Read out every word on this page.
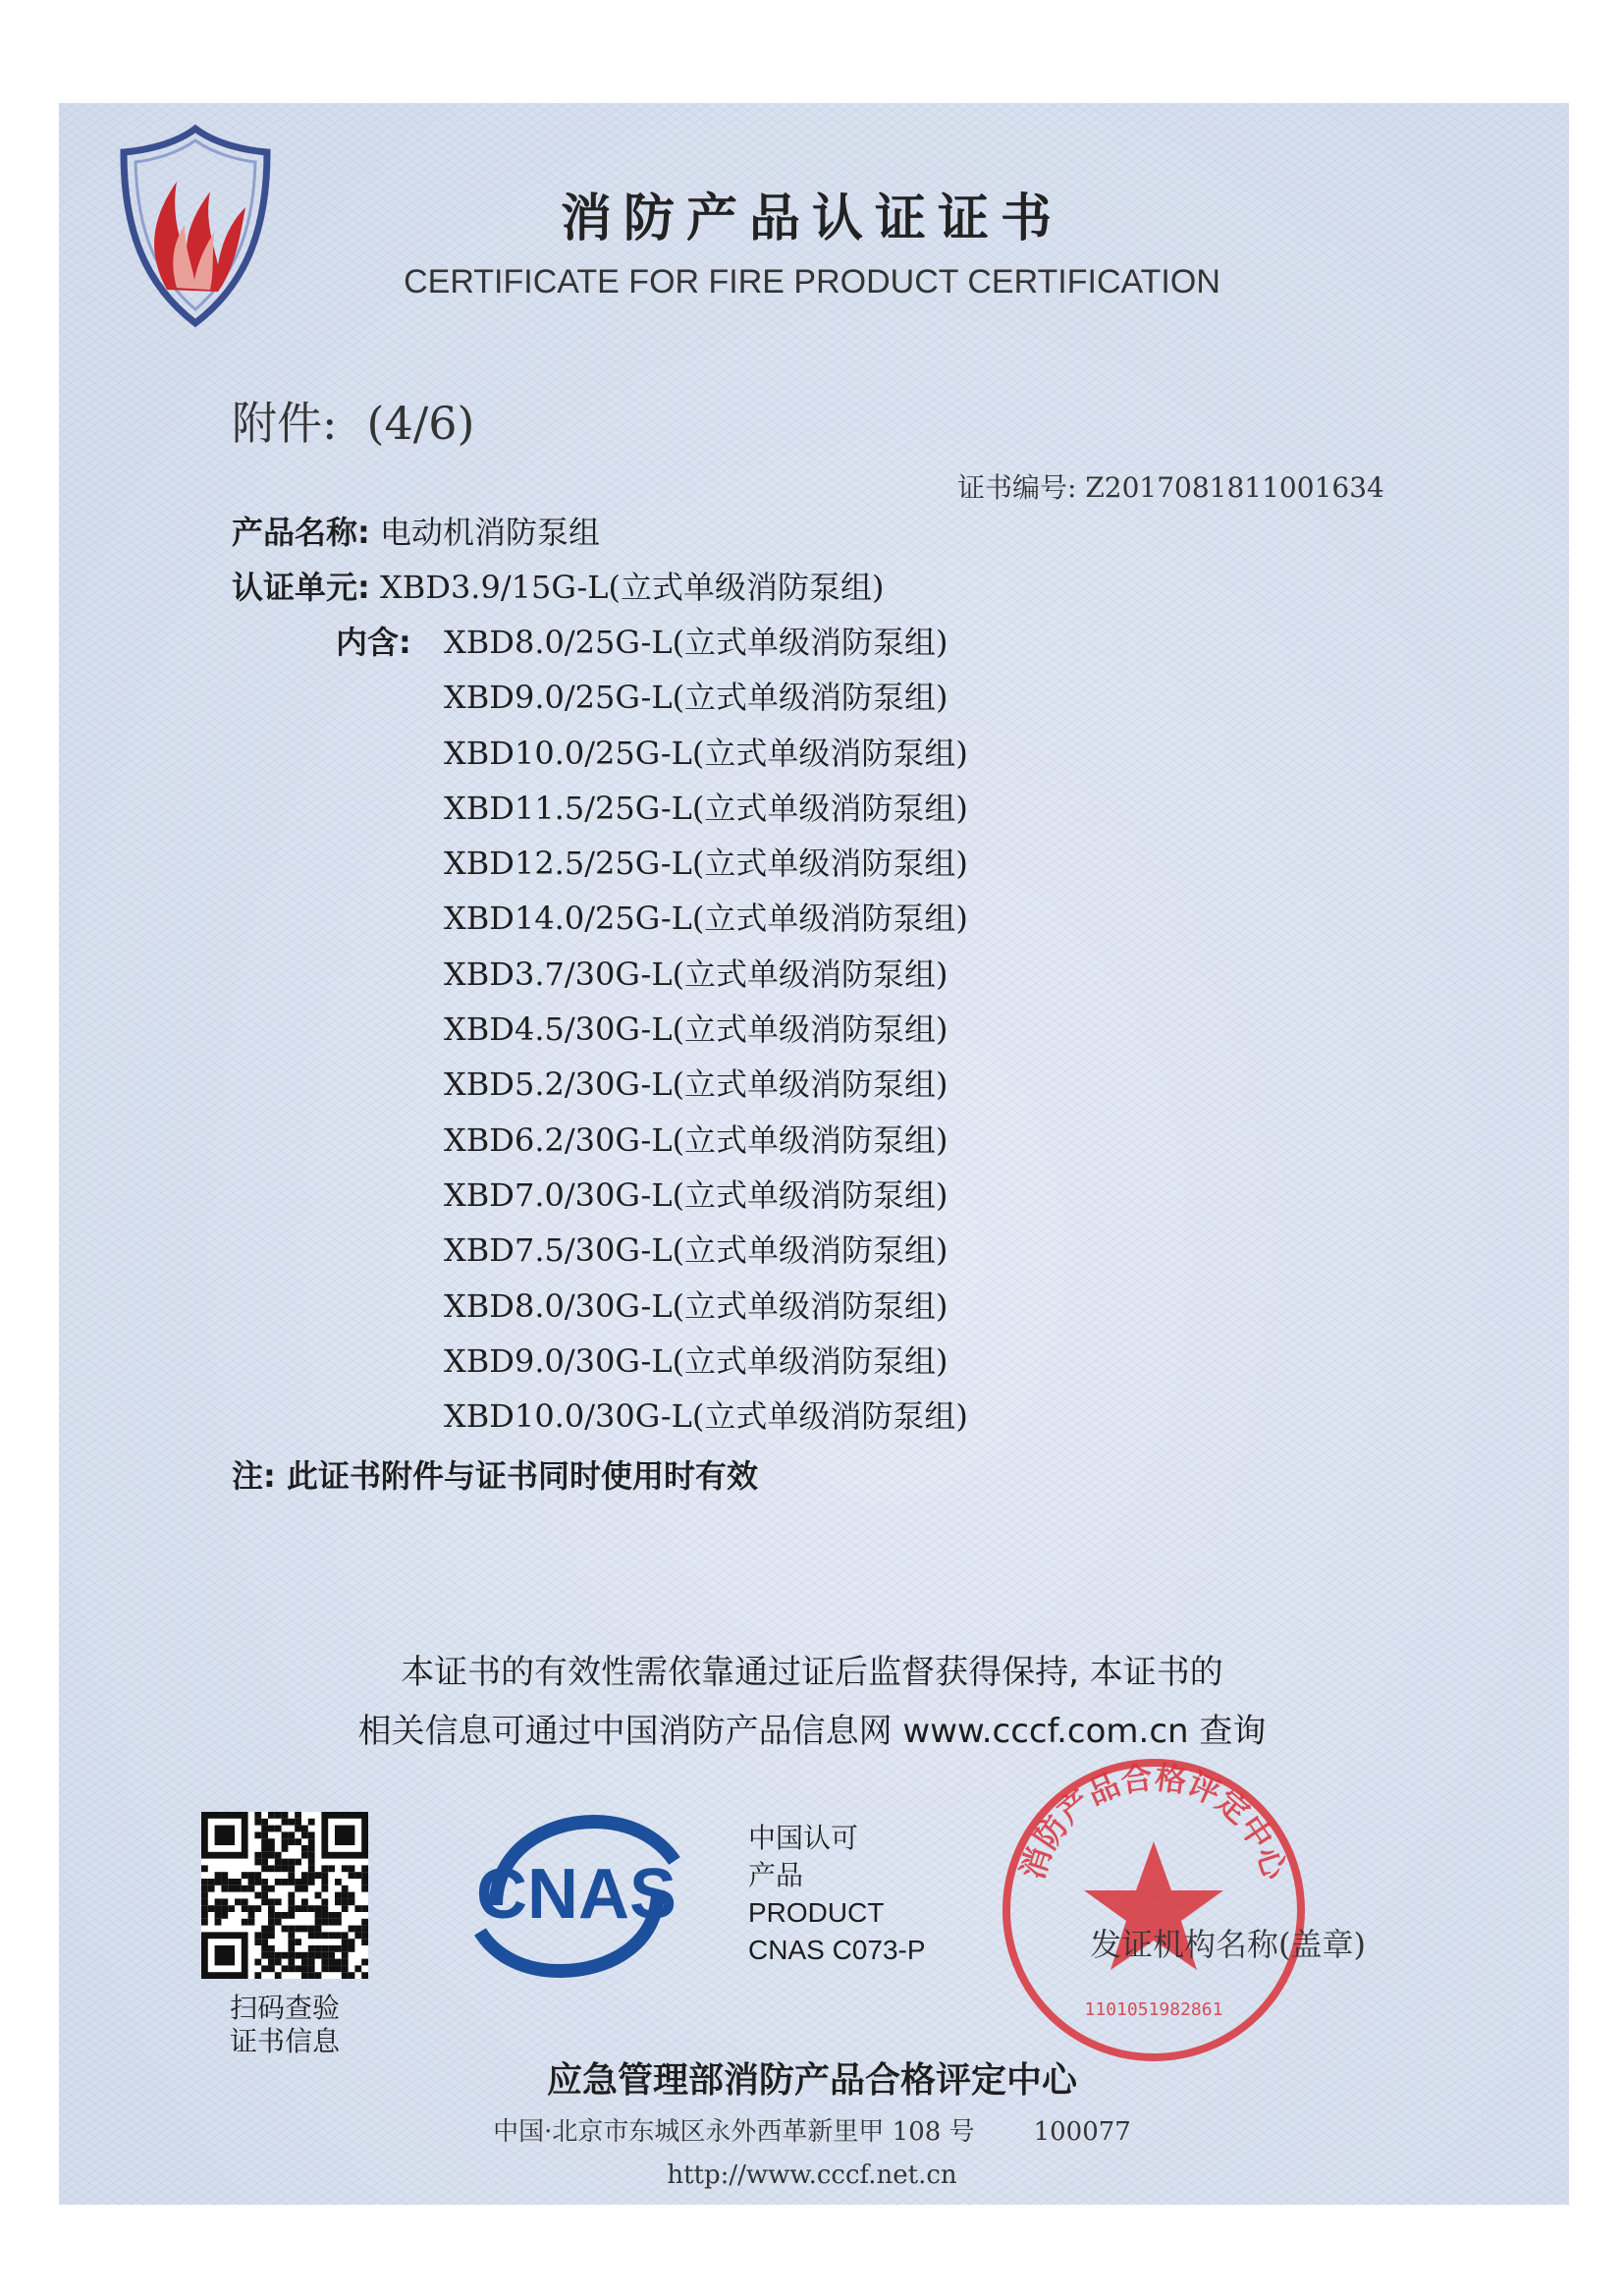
消防产品认证证书
CERTIFICATE FOR FIRE PRODUCT CERTIFICATION
附件: (4/6)
证书编号: Z2017081811001634
产品名称: 电动机消防泵组
认证单元: XBD3.9/15G-L(立式单级消防泵组)
内含: XBD8.0/25G-L(立式单级消防泵组)
XBD9.0/25G-L(立式单级消防泵组)
XBD10.0/25G-L(立式单级消防泵组)
XBD11.5/25G-L(立式单级消防泵组)
XBD12.5/25G-L(立式单级消防泵组)
XBD14.0/25G-L(立式单级消防泵组)
XBD3.7/30G-L(立式单级消防泵组)
XBD4.5/30G-L(立式单级消防泵组)
XBD5.2/30G-L(立式单级消防泵组)
XBD6.2/30G-L(立式单级消防泵组)
XBD7.0/30G-L(立式单级消防泵组)
XBD7.5/30G-L(立式单级消防泵组)
XBD8.0/30G-L(立式单级消防泵组)
XBD9.0/30G-L(立式单级消防泵组)
XBD10.0/30G-L(立式单级消防泵组)
注: 此证书附件与证书同时使用时有效
本证书的有效性需依靠通过证后监督获得保持, 本证书的
相关信息可通过中国消防产品信息网 www.cccf.com.cn 查询
扫码查验
证书信息
CNAS
中国认可
产品
PRODUCT
CNAS C073-P
消防产品合格评定中心
1101051982861
发证机构名称(盖章)
应急管理部消防产品合格评定中心
中国·北京市东城区永外西革新里甲 108 号 100077
http://www.cccf.net.cn
